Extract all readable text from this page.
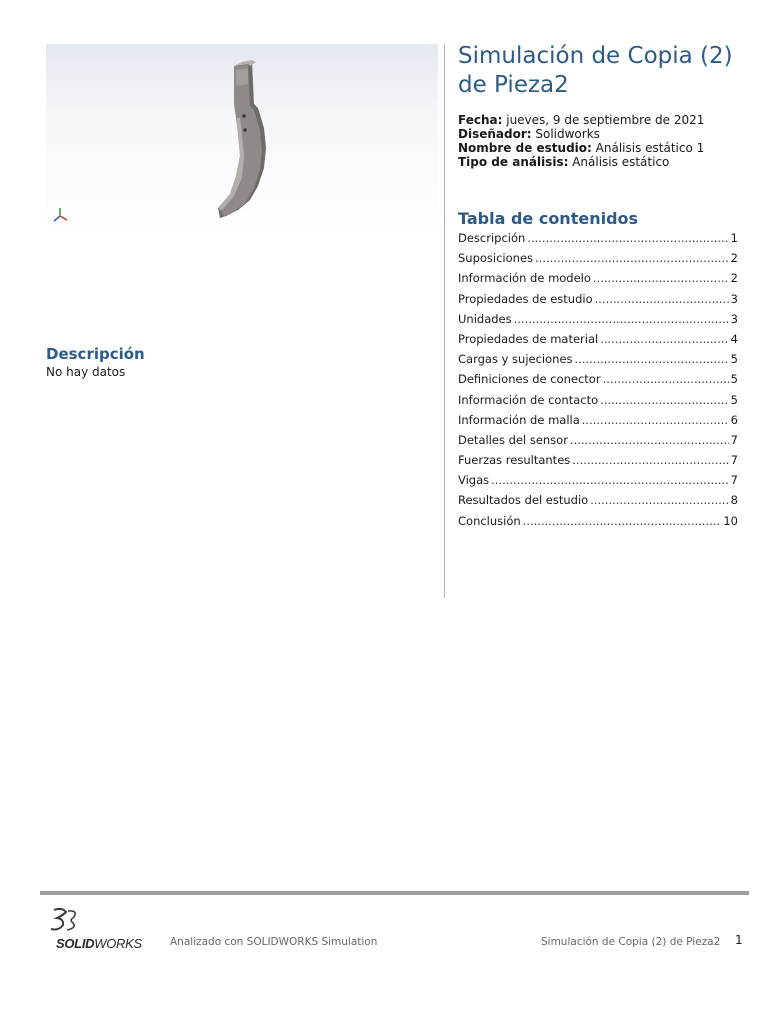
Simulación de Copia (2) de Pieza2
Fecha: jueves, 9 de septiembre de 2021
Diseñador: Solidworks
Nombre de estudio: Análisis estático 1
Tipo de análisis: Análisis estático
Tabla de contenidos
Descripción .....	1
Suposiciones .....	2
Información de modelo .....	2
Propiedades de estudio .....	3
Unidades .....	3
Propiedades de material .....	4
Cargas y sujeciones .....	5
Definiciones de conector .....	5
Información de contacto .....	5
Información de malla .....	6
Detalles del sensor .....	7
Fuerzas resultantes .....	7
Vigas .....	7
Resultados del estudio .....	8
Conclusión .....	10
Descripción
No hay datos
SOLIDWORKS	Analizado con SOLIDWORKS Simulation	Simulación de Copia (2) de Pieza2 1
